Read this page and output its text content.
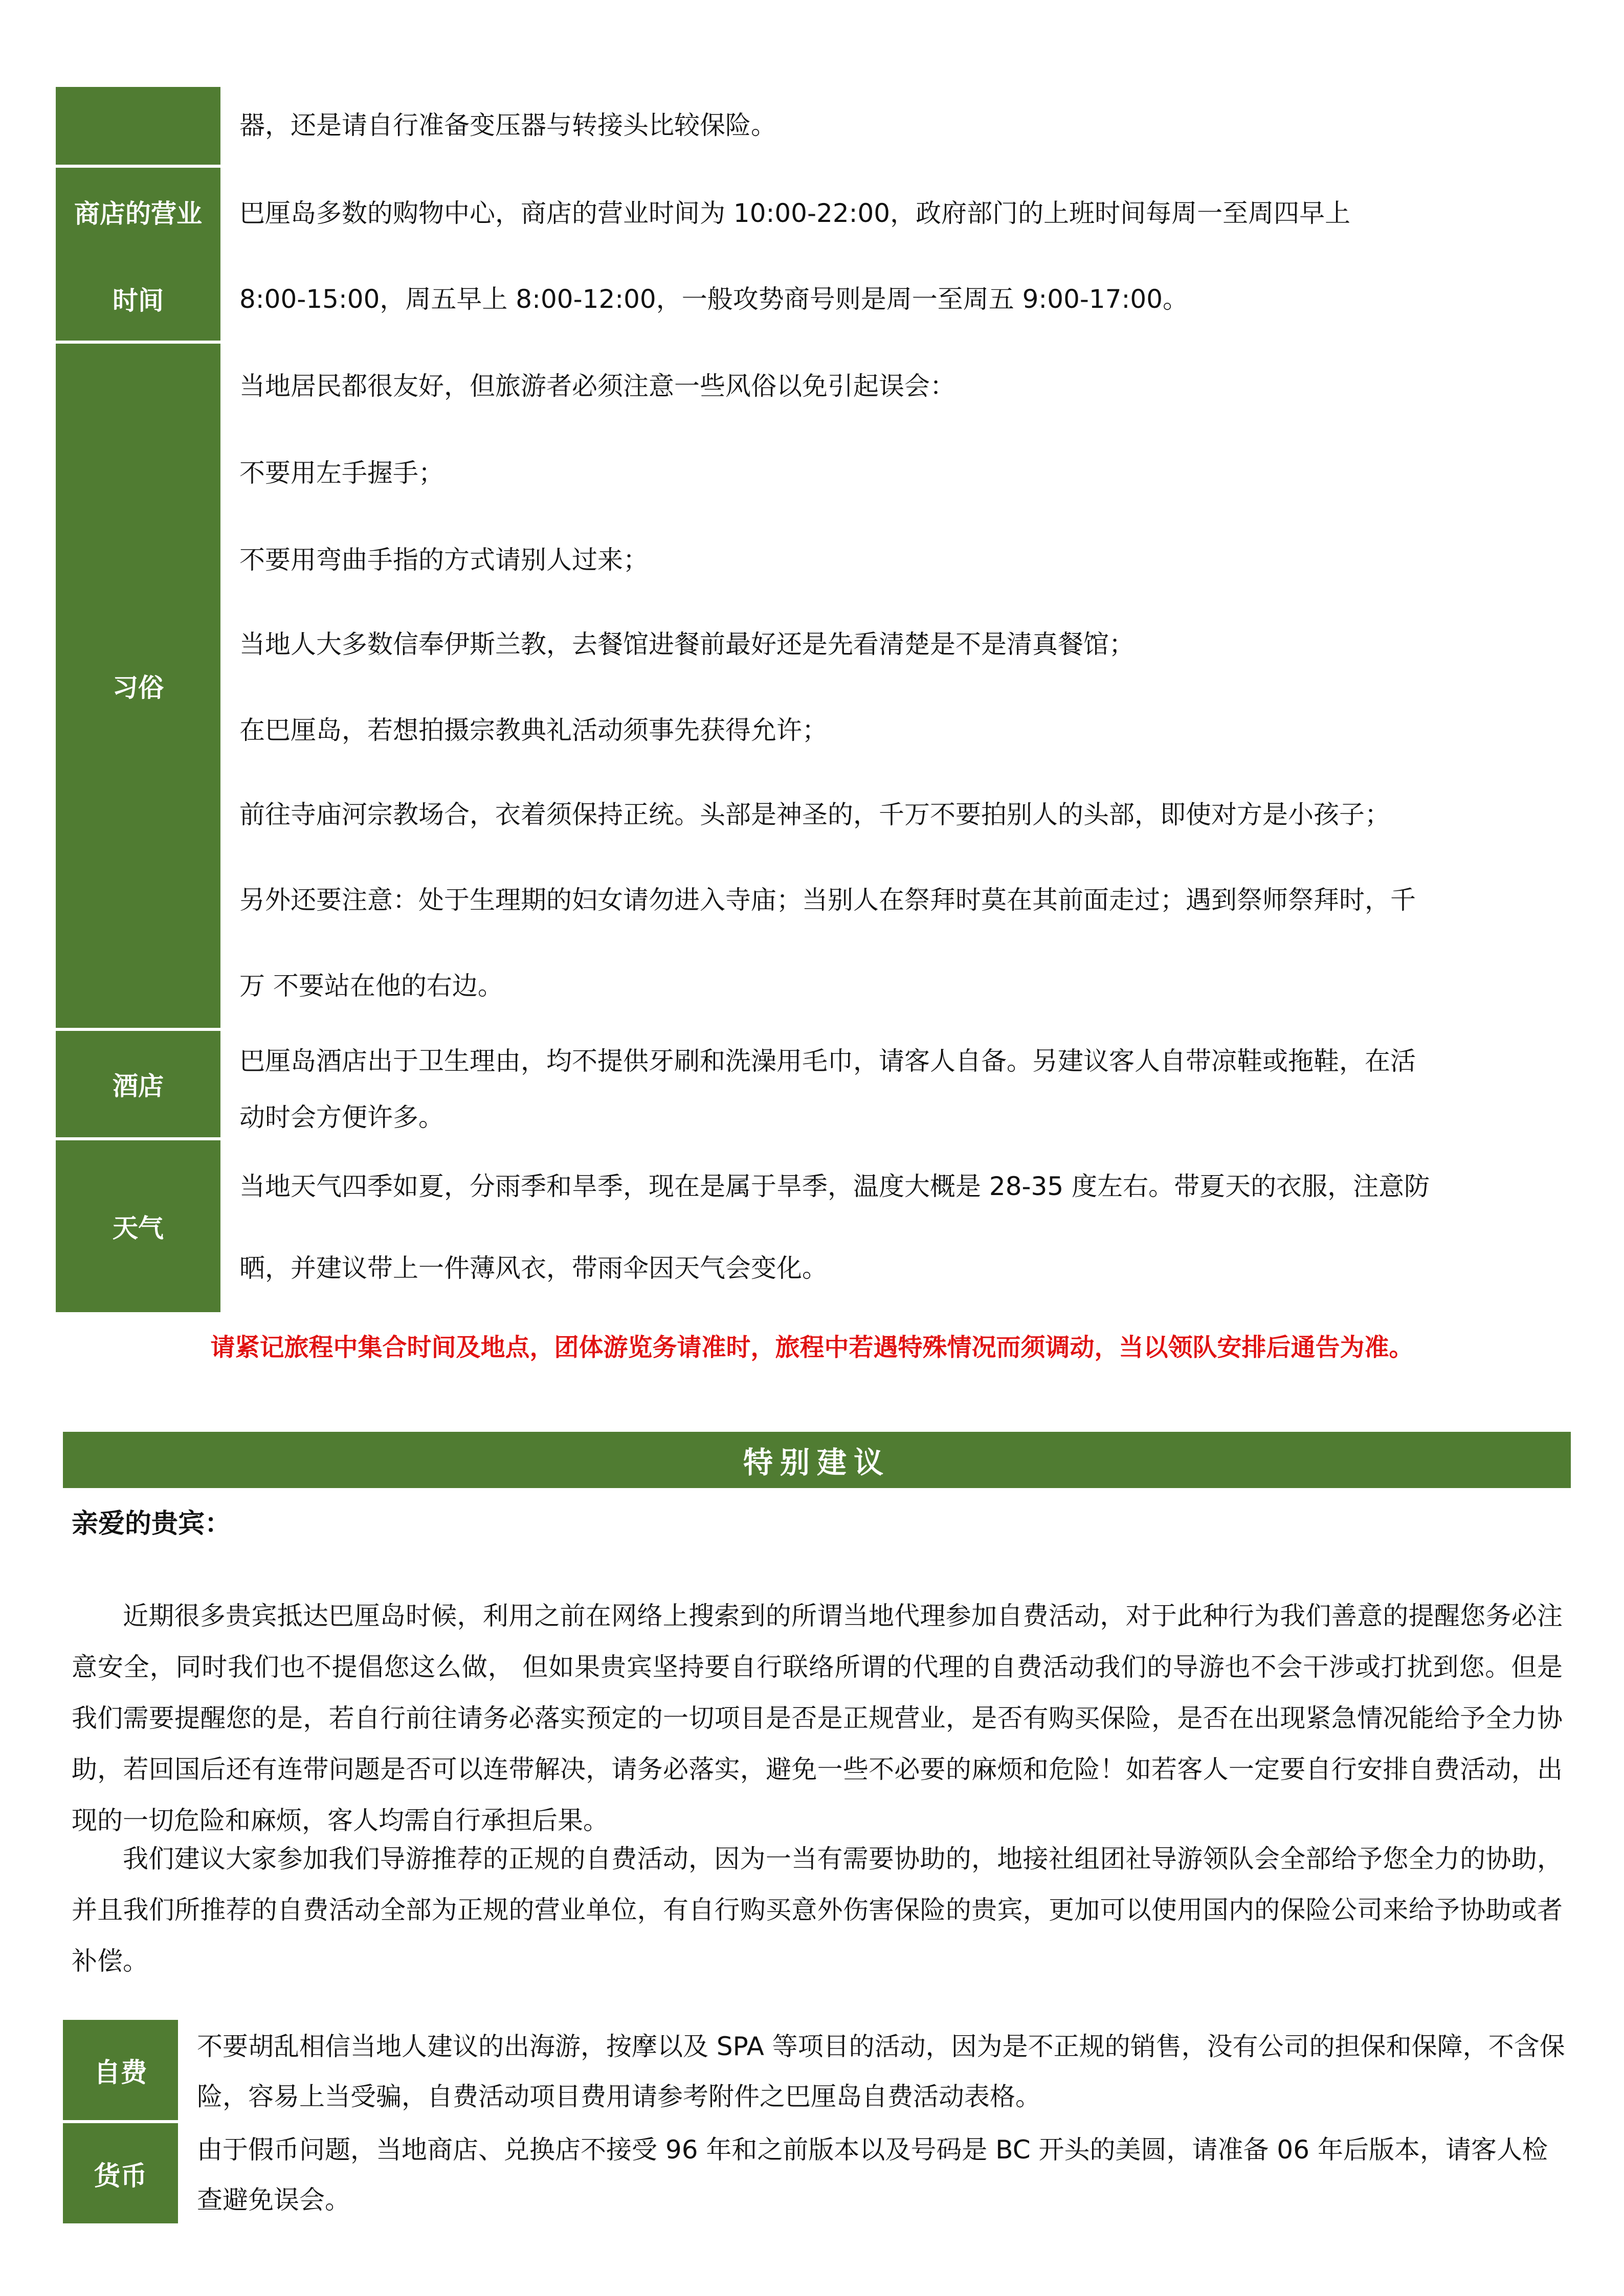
器，还是请自行准备变压器与转接头比较保险。
商店的营业
时间
巴厘岛多数的购物中心，商店的营业时间为 10:00-22:00，政府部门的上班时间每周一至周四早上
8:00-15:00，周五早上 8:00-12:00，一般攻势商号则是周一至周五 9:00-17:00。
习俗
当地居民都很友好，但旅游者必须注意一些风俗以免引起误会：
不要用左手握手；
不要用弯曲手指的方式请别人过来；
当地人大多数信奉伊斯兰教，去餐馆进餐前最好还是先看清楚是不是清真餐馆；
在巴厘岛，若想拍摄宗教典礼活动须事先获得允许；
前往寺庙河宗教场合，衣着须保持正统。头部是神圣的，千万不要拍别人的头部，即使对方是小孩子；
另外还要注意：处于生理期的妇女请勿进入寺庙；当别人在祭拜时莫在其前面走过；遇到祭师祭拜时，千
万 不要站在他的右边。
酒店
巴厘岛酒店出于卫生理由，均不提供牙刷和洗澡用毛巾，请客人自备。另建议客人自带凉鞋或拖鞋，在活
动时会方便许多。
天气
当地天气四季如夏，分雨季和旱季，现在是属于旱季，温度大概是 28-35 度左右。带夏天的衣服，注意防
晒，并建议带上一件薄风衣，带雨伞因天气会变化。
请紧记旅程中集合时间及地点，团体游览务请准时，旅程中若遇特殊情况而须调动，当以领队安排后通告为准。
特别建议
亲爱的贵宾：

近期很多贵宾抵达巴厘岛时候，利用之前在网络上搜索到的所谓当地代理参加自费活动，对于此种行为我们善意的提醒您务必注意安全，同时我们也不提倡您这么做， 但如果贵宾坚持要自行联络所谓的代理的自费活动我们的导游也不会干涉或打扰到您。但是我们需要提醒您的是，若自行前往请务必落实预定的一切项目是否是正规营业，是否有购买保险，是否在出现紧急情况能给予全力协助，若回国后还有连带问题是否可以连带解决，请务必落实，避免一些不必要的麻烦和危险！如若客人一定要自行安排自费活动，出现的一切危险和麻烦，客人均需自行承担后果。

我们建议大家参加我们导游推荐的正规的自费活动，因为一当有需要协助的，地接社组团社导游领队会全部给予您全力的协助，并且我们所推荐的自费活动全部为正规的营业单位，有自行购买意外伤害保险的贵宾，更加可以使用国内的保险公司来给予协助或者补偿。

自费

不要胡乱相信当地人建议的出海游，按摩以及 SPA 等项目的活动，因为是不正规的销售，没有公司的担保和保障，不含保险，容易上当受骗，自费活动项目费用请参考附件之巴厘岛自费活动表格。

货币

由于假币问题，当地商店、兑换店不接受 96 年和之前版本以及号码是 BC 开头的美圆，请准备 06 年后版本，请客人检查避免误会。
